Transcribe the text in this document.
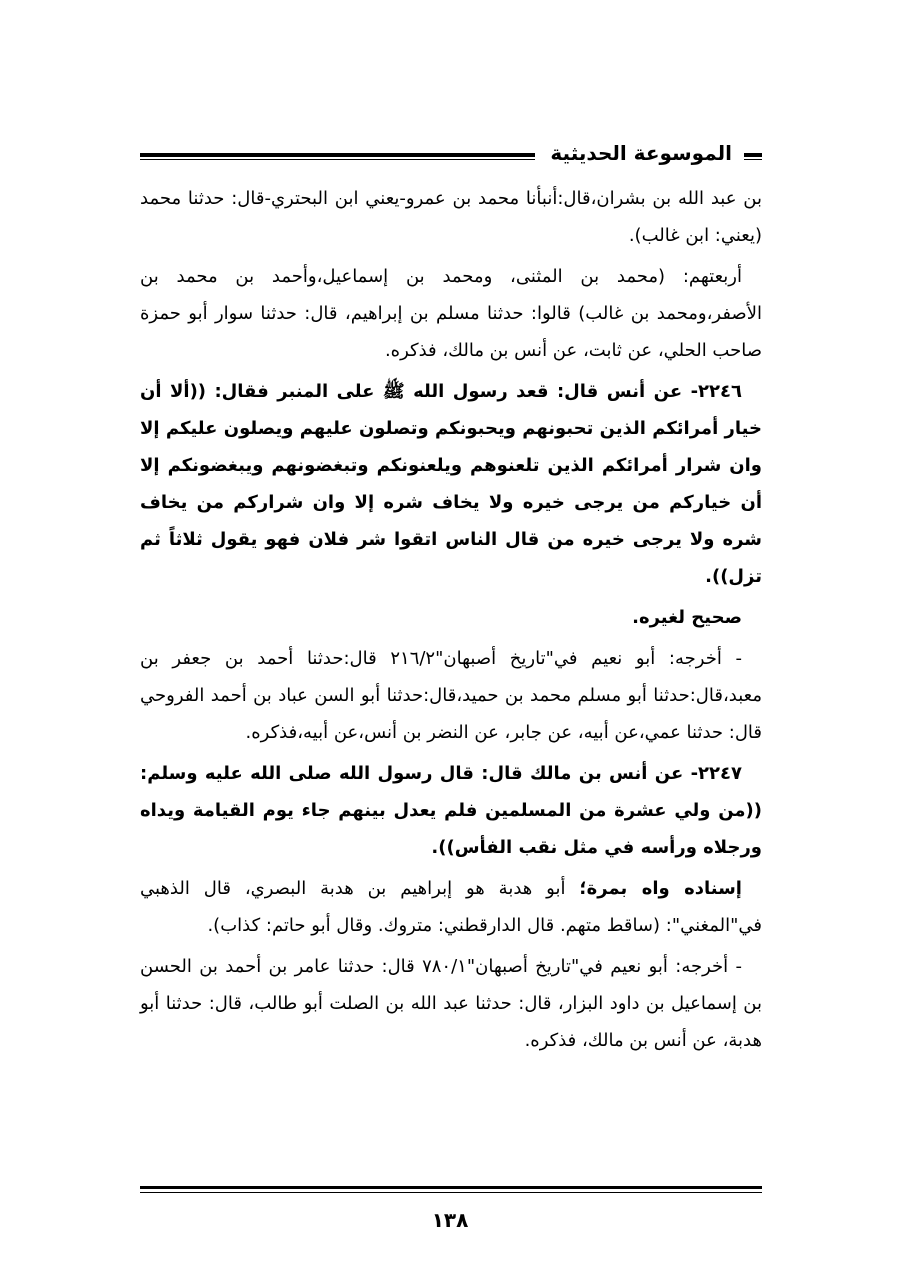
الموسوعة الحديثية

بن عبد الله بن بشران،قال:أنبأنا محمد بن عمرو-يعني ابن البحتري-قال: حدثنا محمد (يعني: ابن غالب).

أربعتهم: (محمد بن المثنى، ومحمد بن إسماعيل،وأحمد بن محمد بن الأصفر،ومحمد بن غالب) قالوا: حدثنا مسلم بن إبراهيم، قال: حدثنا سوار أبو حمزة صاحب الحلي، عن ثابت، عن أنس بن مالك، فذكره.

٢٢٤٦- عن أنس قال: قعد رسول الله ﷺ على المنبر فقال: ((ألا أن خيار أمرائكم الذين تحبونهم ويحبونكم وتصلون عليهم ويصلون عليكم إلا وان شرار أمرائكم الذين تلعنوهم ويلعنونكم وتبغضونهم ويبغضونكم إلا أن خياركم من يرجى خيره ولا يخاف شره إلا وان شراركم من يخاف شره ولا يرجى خيره من قال الناس اتقوا شر فلان فهو يقول ثلاثاً ثم تزل)).

صحيح لغيره.

- أخرجه: أبو نعيم في"تاريخ أصبهان"٢١٦/٢ قال:حدثنا أحمد بن جعفر بن معبد،قال:حدثنا أبو مسلم محمد بن حميد،قال:حدثنا أبو السن عباد بن أحمد الفروحي قال: حدثنا عمي،عن أبيه، عن جابر، عن النضر بن أنس،عن أبيه،فذكره.

٢٢٤٧- عن أنس بن مالك قال: قال رسول الله صلى الله عليه وسلم: ((من ولي عشرة من المسلمين فلم يعدل بينهم جاء يوم القيامة ويداه ورجلاه ورأسه في مثل نقب الفأس)).

إسناده واه بمرة؛ أبو هدبة هو إبراهيم بن هدبة البصري، قال الذهبي في"المغني": (ساقط متهم. قال الدارقطني: متروك. وقال أبو حاتم: كذاب).

- أخرجه: أبو نعيم في"تاريخ أصبهان"٧٨٠/١ قال: حدثنا عامر بن أحمد بن الحسن بن إسماعيل بن داود البزار، قال: حدثنا عبد الله بن الصلت أبو طالب، قال: حدثنا أبو هدبة، عن أنس بن مالك، فذكره.

١٣٨
